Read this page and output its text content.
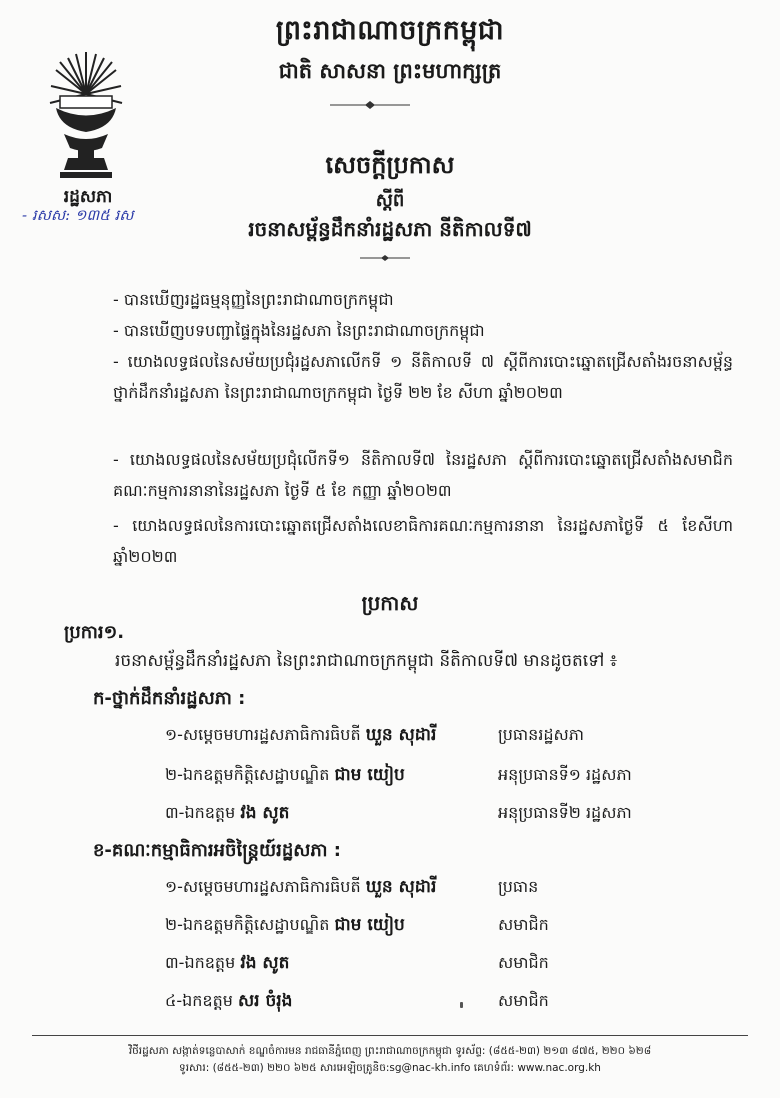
ព្រះរាជាណាចក្រកម្ពុជា
ជាតិ សាសនា ព្រះមហាក្សត្រ
រដ្ឋសភា
- រសស: ១៣៥ រស
សេចក្តីប្រកាស
ស្តីពី
រចនាសម្ព័ន្ធដឹកនាំរដ្ឋសភា នីតិកាលទី៧
- បានឃើញរដ្ឋធម្មនុញ្ញនៃព្រះរាជាណាចក្រកម្ពុជា
- បានឃើញបទបញ្ជាផ្ទៃក្នុងនៃរដ្ឋសភា នៃព្រះរាជាណាចក្រកម្ពុជា
- យោងលទ្ធផលនៃសម័យប្រជុំរដ្ឋសភាលើកទី ១ នីតិកាលទី ៧ ស្តីពីការបោះឆ្នោតជ្រើសតាំងរចនាសម្ព័ន្ធថ្នាក់ដឹកនាំរដ្ឋសភា នៃព្រះរាជាណាចក្រកម្ពុជា ថ្ងៃទី ២២ ខែ សីហា ឆ្នាំ២០២៣
- យោងលទ្ធផលនៃសម័យប្រជុំលើកទី១ នីតិកាលទី៧ នៃរដ្ឋសភា ស្តីពីការបោះឆ្នោតជ្រើសតាំងសមាជិកគណៈកម្មការនានានៃរដ្ឋសភា ថ្ងៃទី ៥ ខែ កញ្ញា ឆ្នាំ២០២៣
- យោងលទ្ធផលនៃការបោះឆ្នោតជ្រើសតាំងលេខាធិការគណៈកម្មការនានា នៃរដ្ឋសភាថ្ងៃទី ៥ ខែសីហា ឆ្នាំ២០២៣
ប្រកាស
ប្រការ១.
រចនាសម្ព័ន្ធដឹកនាំរដ្ឋសភា នៃព្រះរាជាណាចក្រកម្ពុជា នីតិកាលទី៧ មានដូចតទៅ ៖
ក-ថ្នាក់ដឹកនាំរដ្ឋសភា :
១-សម្តេចមហារដ្ឋសភាធិការធិបតី ឃួន សុដារី	ប្រធានរដ្ឋសភា
២-ឯកឧត្តមកិត្តិសេដ្ឋាបណ្ឌិត ជាម យៀប	អនុប្រធានទី១ រដ្ឋសភា
៣-ឯកឧត្តម វង សូត	អនុប្រធានទី២ រដ្ឋសភា
ខ-គណៈកម្មាធិការអចិន្ត្រៃយ៍រដ្ឋសភា :
១-សម្តេចមហារដ្ឋសភាធិការធិបតី ឃួន សុដារី	ប្រធាន
២-ឯកឧត្តមកិត្តិសេដ្ឋាបណ្ឌិត ជាម យៀប	សមាជិក
៣-ឯកឧត្តម វង សូត	សមាជិក
៤-ឯកឧត្តម សរ ចំរុង	សមាជិក
វិថីរដ្ឋសភា សង្កាត់ទន្លេបាសាក់ ខណ្ឌចំការមន រាជធានីភ្នំពេញ ព្រះរាជាណាចក្រកម្ពុជា ទូរស័ព្ទ: (៨៥៥-២៣) ២១៣ ៨៧៥, ២២០ ៦២៨
ទូរសារ: (៨៥៥-២៣) ២២០ ៦២៥ សារអេឡិចត្រូនិច:sg@nac-kh.info គេហទំព័រ: www.nac.org.kh
